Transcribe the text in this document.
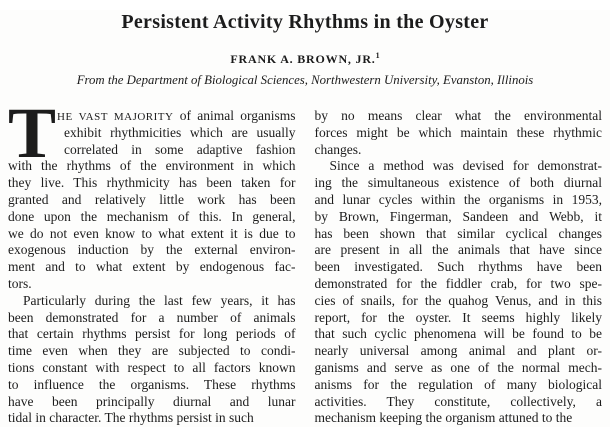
Persistent Activity Rhythms in the Oyster
FRANK A. BROWN, JR.$^1$
From the Department of Biological Sciences, Northwestern University, Evanston, Illinois
T HE VAST MAJORITY of animal organisms
exhibit rhythmicities which are usually
correlated in some adaptive fashion
with the rhythms of the environment in which
they live. This rhythmicity has been taken for
granted and relatively little work has been
done upon the mechanism of this. In general,
we do not even know to what extent it is due to
exogenous induction by the external environ-
ment and to what extent by endogenous fac-
tors.
Particularly during the last few years, it has
been demonstrated for a number of animals
that certain rhythms persist for long periods of
time even when they are subjected to condi-
tions constant with respect to all factors known
to influence the organisms. These rhythms
have been principally diurnal and lunar
tidal in character. The rhythms persist in such
by no means clear what the environmental
forces might be which maintain these rhythmic
changes.
Since a method was devised for demonstrat-
ing the simultaneous existence of both diurnal
and lunar cycles within the organisms in 1953,
by Brown, Fingerman, Sandeen and Webb, it
has been shown that similar cyclical changes
are present in all the animals that have since
been investigated. Such rhythms have been
demonstrated for the fiddler crab, for two spe-
cies of snails, for the quahog Venus, and in this
report, for the oyster. It seems highly likely
that such cyclic phenomena will be found to be
nearly universal among animal and plant or-
ganisms and serve as one of the normal mech-
anisms for the regulation of many biological
activities. They constitute, collectively, a
mechanism keeping the organism attuned to the
